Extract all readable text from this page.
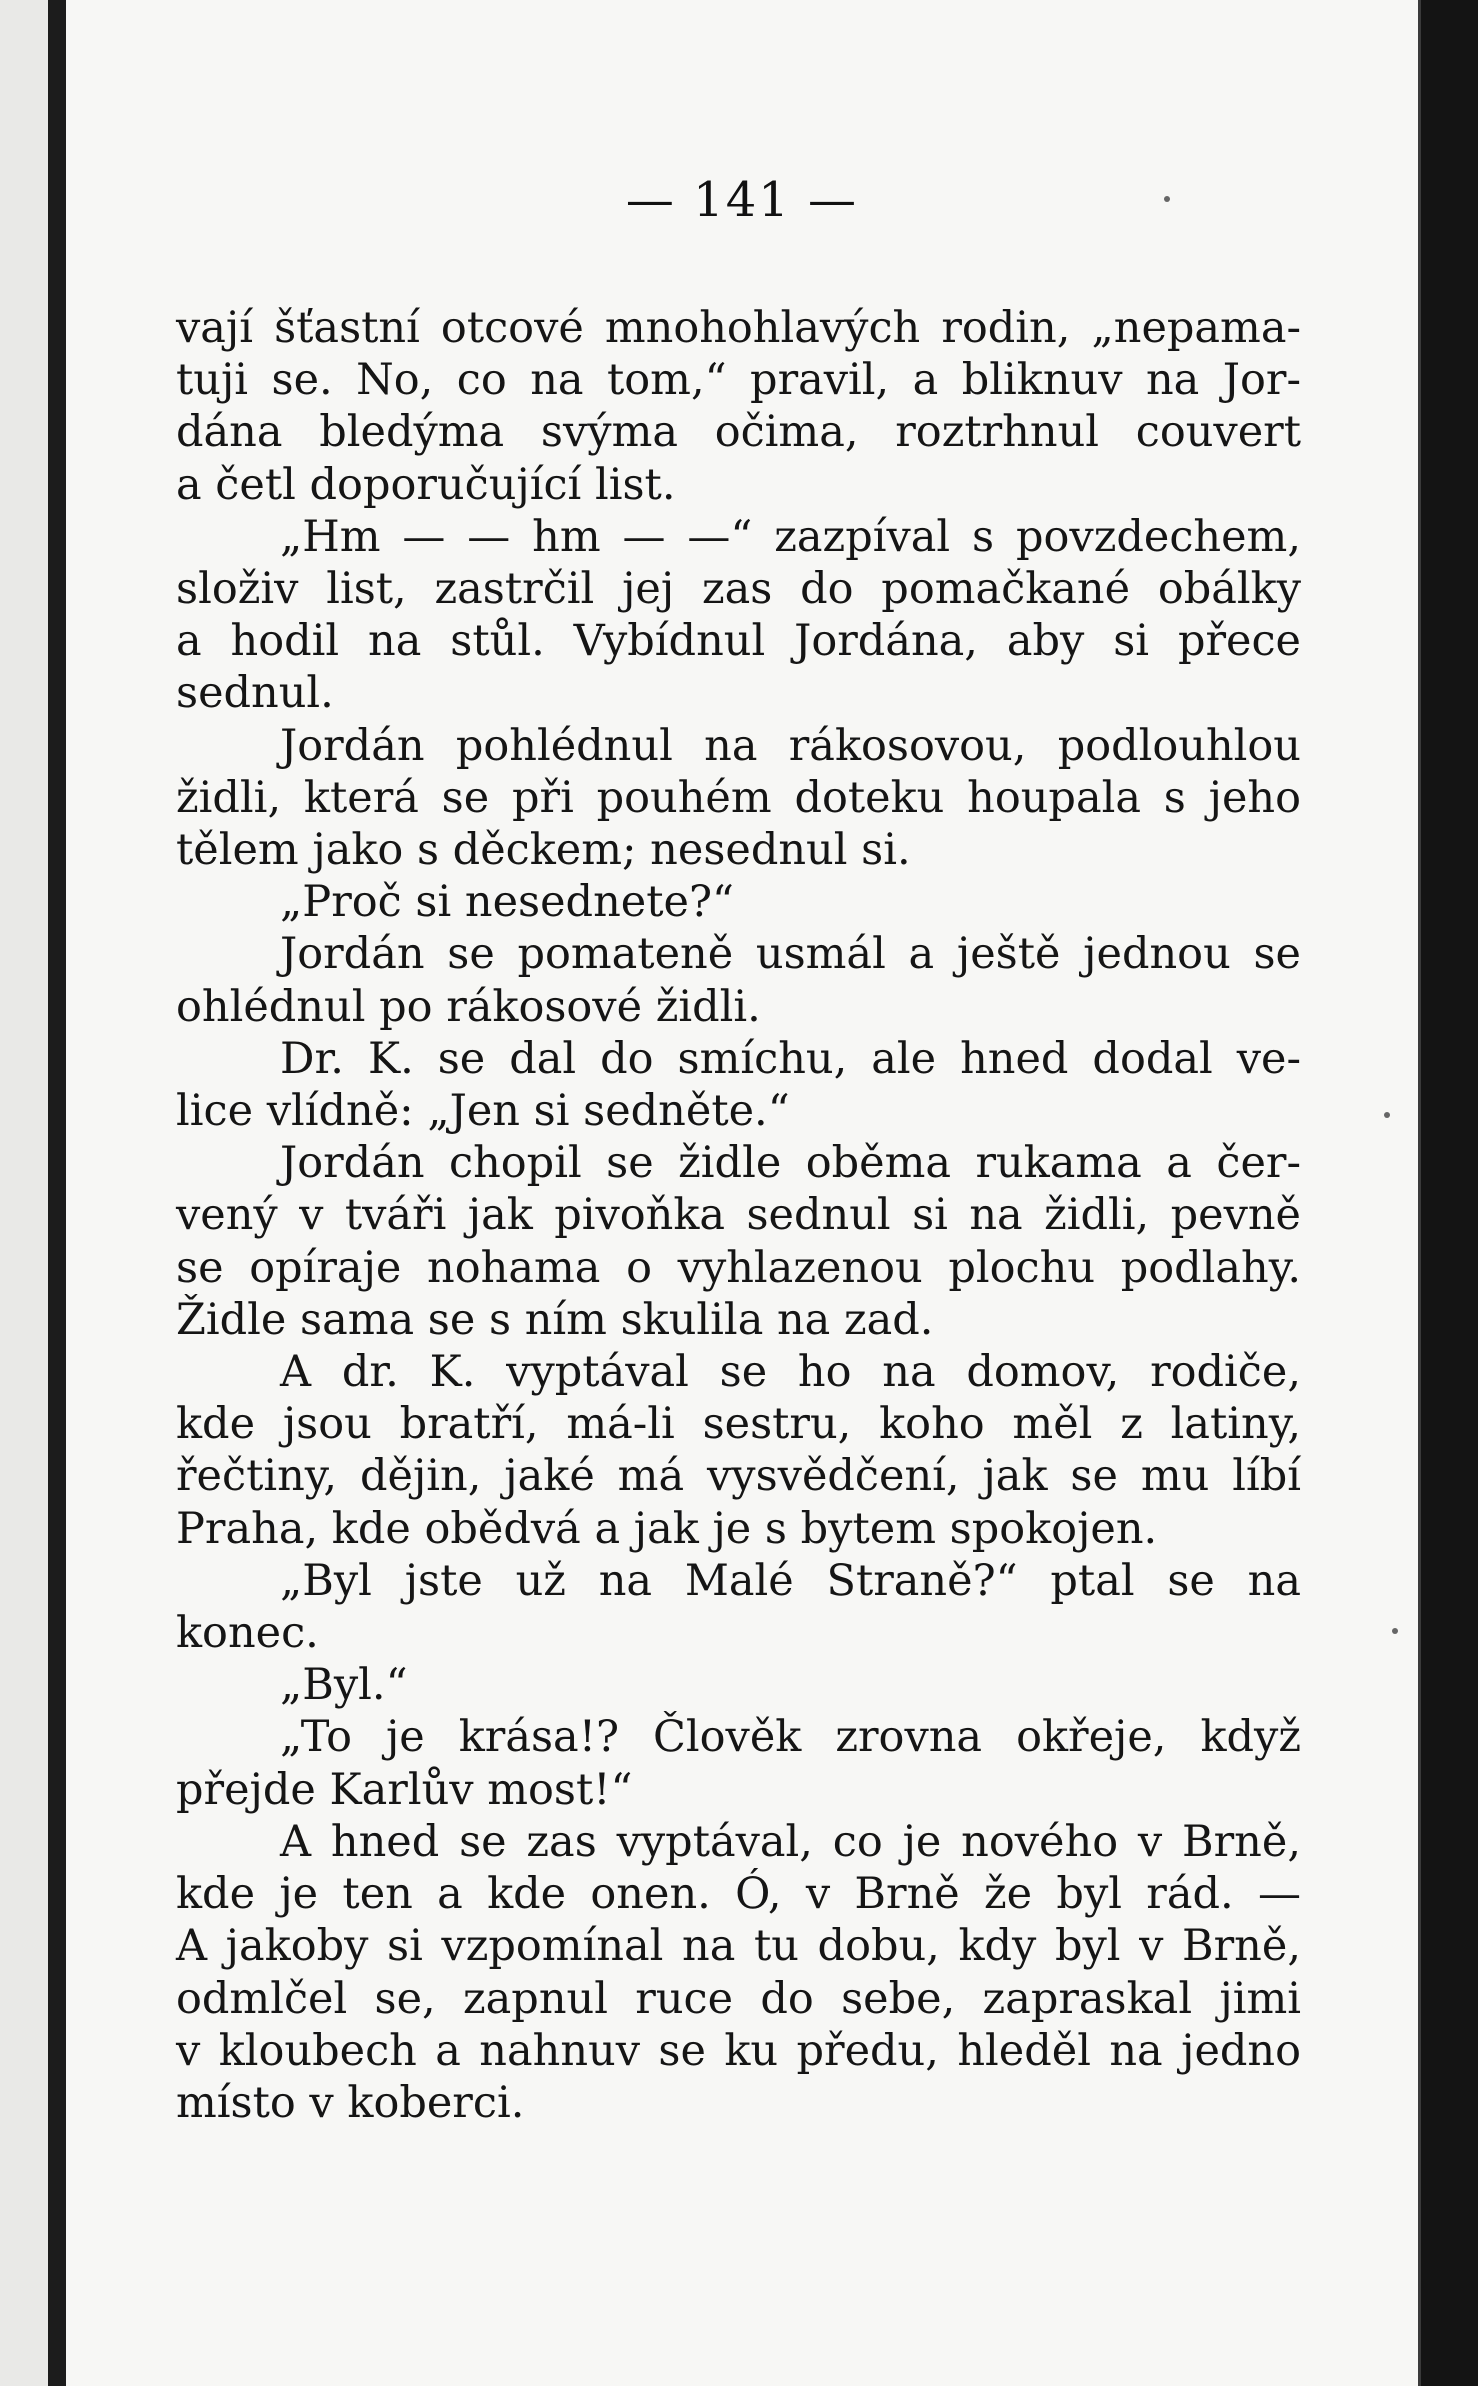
— 141 —
vají šťastní otcové mnohohlavých rodin, „nepama-
tuji se. No, co na tom,“ pravil, a bliknuv na Jor-
dána bledýma svýma očima, roztrhnul couvert
a četl doporučující list.
„Hm — — hm — —“ zazpíval s povzdechem,
složiv list, zastrčil jej zas do pomačkané obálky
a hodil na stůl. Vybídnul Jordána, aby si přece
sednul.
Jordán pohlédnul na rákosovou, podlouhlou
židli, která se při pouhém doteku houpala s jeho
tělem jako s děckem; nesednul si.
„Proč si nesednete?“
Jordán se pomateně usmál a ještě jednou se
ohlédnul po rákosové židli.
Dr. K. se dal do smíchu, ale hned dodal ve-
lice vlídně: „Jen si sedněte.“
Jordán chopil se židle oběma rukama a čer-
vený v tváři jak pivoňka sednul si na židli, pevně
se opíraje nohama o vyhlazenou plochu podlahy.
Židle sama se s ním skulila na zad.
A dr. K. vyptával se ho na domov, rodiče,
kde jsou bratří, má-li sestru, koho měl z latiny,
řečtiny, dějin, jaké má vysvědčení, jak se mu líbí
Praha, kde obědvá a jak je s bytem spokojen.
„Byl jste už na Malé Straně?“ ptal se na
konec.
„Byl.“
„To je krása!? Člověk zrovna okřeje, když
přejde Karlův most!“
A hned se zas vyptával, co je nového v Brně,
kde je ten a kde onen. Ó, v Brně že byl rád. —
A jakoby si vzpomínal na tu dobu, kdy byl v Brně,
odmlčel se, zapnul ruce do sebe, zapraskal jimi
v kloubech a nahnuv se ku předu, hleděl na jedno
místo v koberci.
